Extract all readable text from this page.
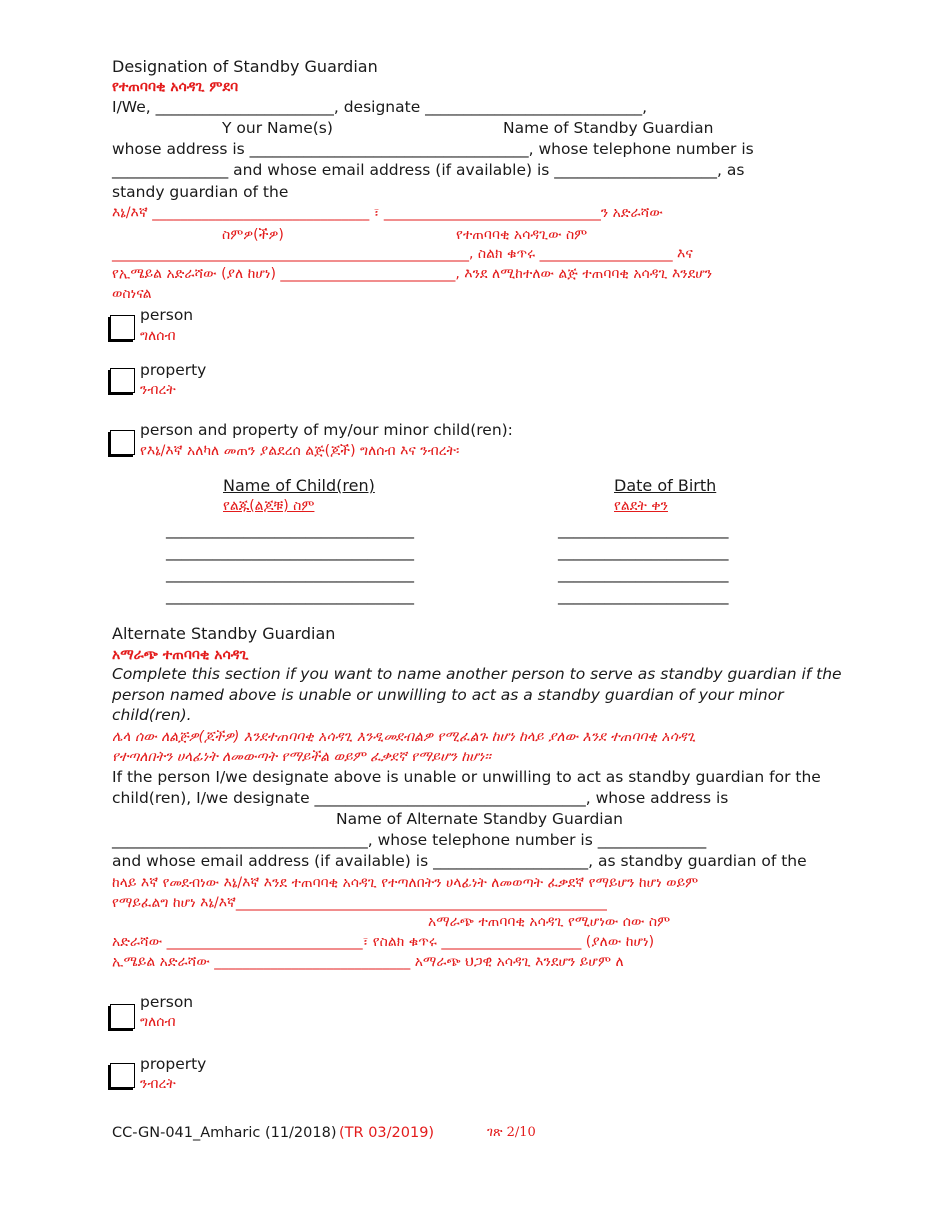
Designation of Standby Guardian
የተጠባባቂ አሳዳጊ ምደባ
I/We, _______________________, designate ____________________________,
Y our Name(s)	Name of Standby Guardian
whose address is ____________________________________, whose telephone number is
_______________ and whose email address (if available) is _____________________, as
standy guardian of the
እኔ/እኛ _______________________________ ፣ _______________________________ን አድራሻው
ስምዎ(ችዎ)	የተጠባባቂ አሳዳጊው ስም
___________________________________________________, ስልክ ቁጥሩ ___________________ እና
የኢሜይል አድራሻው (ያለ ከሆነ) _________________________, እንደ ለሚከተለው ልጅ ተጠባባቂ አሳዳጊ እንደሆን
ወስነናል
person
ግለሰብ
property
ንብረት
person and property of my/our minor child(ren):
የእኔ/እኛ አለካለ መጠን ያልደረሰ ልጅ(ጆች) ግለሰብ እና ንብረት፡
Name of Child(ren)
የልጁ(ልጆቹ) ስም
Date of Birth
የልደት ቀን
________________________________	______________________
________________________________	______________________
________________________________	______________________
________________________________	______________________
Alternate Standby Guardian
አማራጭ ተጠባባቂ አሳዳጊ
Complete this section if you want to name another person to serve as standby guardian if the
person named above is unable or unwilling to act as a standby guardian of your minor
child(ren).
ሌላ ሰው ለልጅዎ(ጆችዎ) እንደተጠባባቂ አሳዳጊ እንዲመደብልዎ የሚፈልጉ ከሆነ ከላይ ያለው እንደ ተጠባባቂ አሳዳጊ
የተጣለበትን ሀላፊነት ለመውጣት የማይችል ወይም ፈቃደኛ የማይሆን ከሆነ፡፡
If the person I/we designate above is unable or unwilling to act as standby guardian for the
child(ren), I/we designate ___________________________________, whose address is
Name of Alternate Standby Guardian
_________________________________, whose telephone number is ______________
and whose email address (if available) is ____________________, as standby guardian of the
ከላይ እኛ የመደብነው እኔ/እኛ እንደ ተጠባባቂ አሳዳጊ የተጣለበትን ሀላፊነት ለመወጣት ፈቃደኛ የማይሆን ከሆነ ወይም
የማይፈልግ ከሆነ እኔ/እኛ_____________________________________________________
አማራጭ ተጠባባቂ አሳዳጊ የሚሆነው ሰው ስም
አድራሻው ____________________________፣ የስልክ ቁጥሩ ____________________ (ያለው ከሆነ)
ኢሜይል አድራሻው ____________________________ አማራጭ ህጋዊ አሳዳጊ እንደሆን ይሆም ለ
person
ግለሰብ
property
ንብረት
CC-GN-041_Amharic (11/2018) (TR 03/2019)	ገጽ 2/10
